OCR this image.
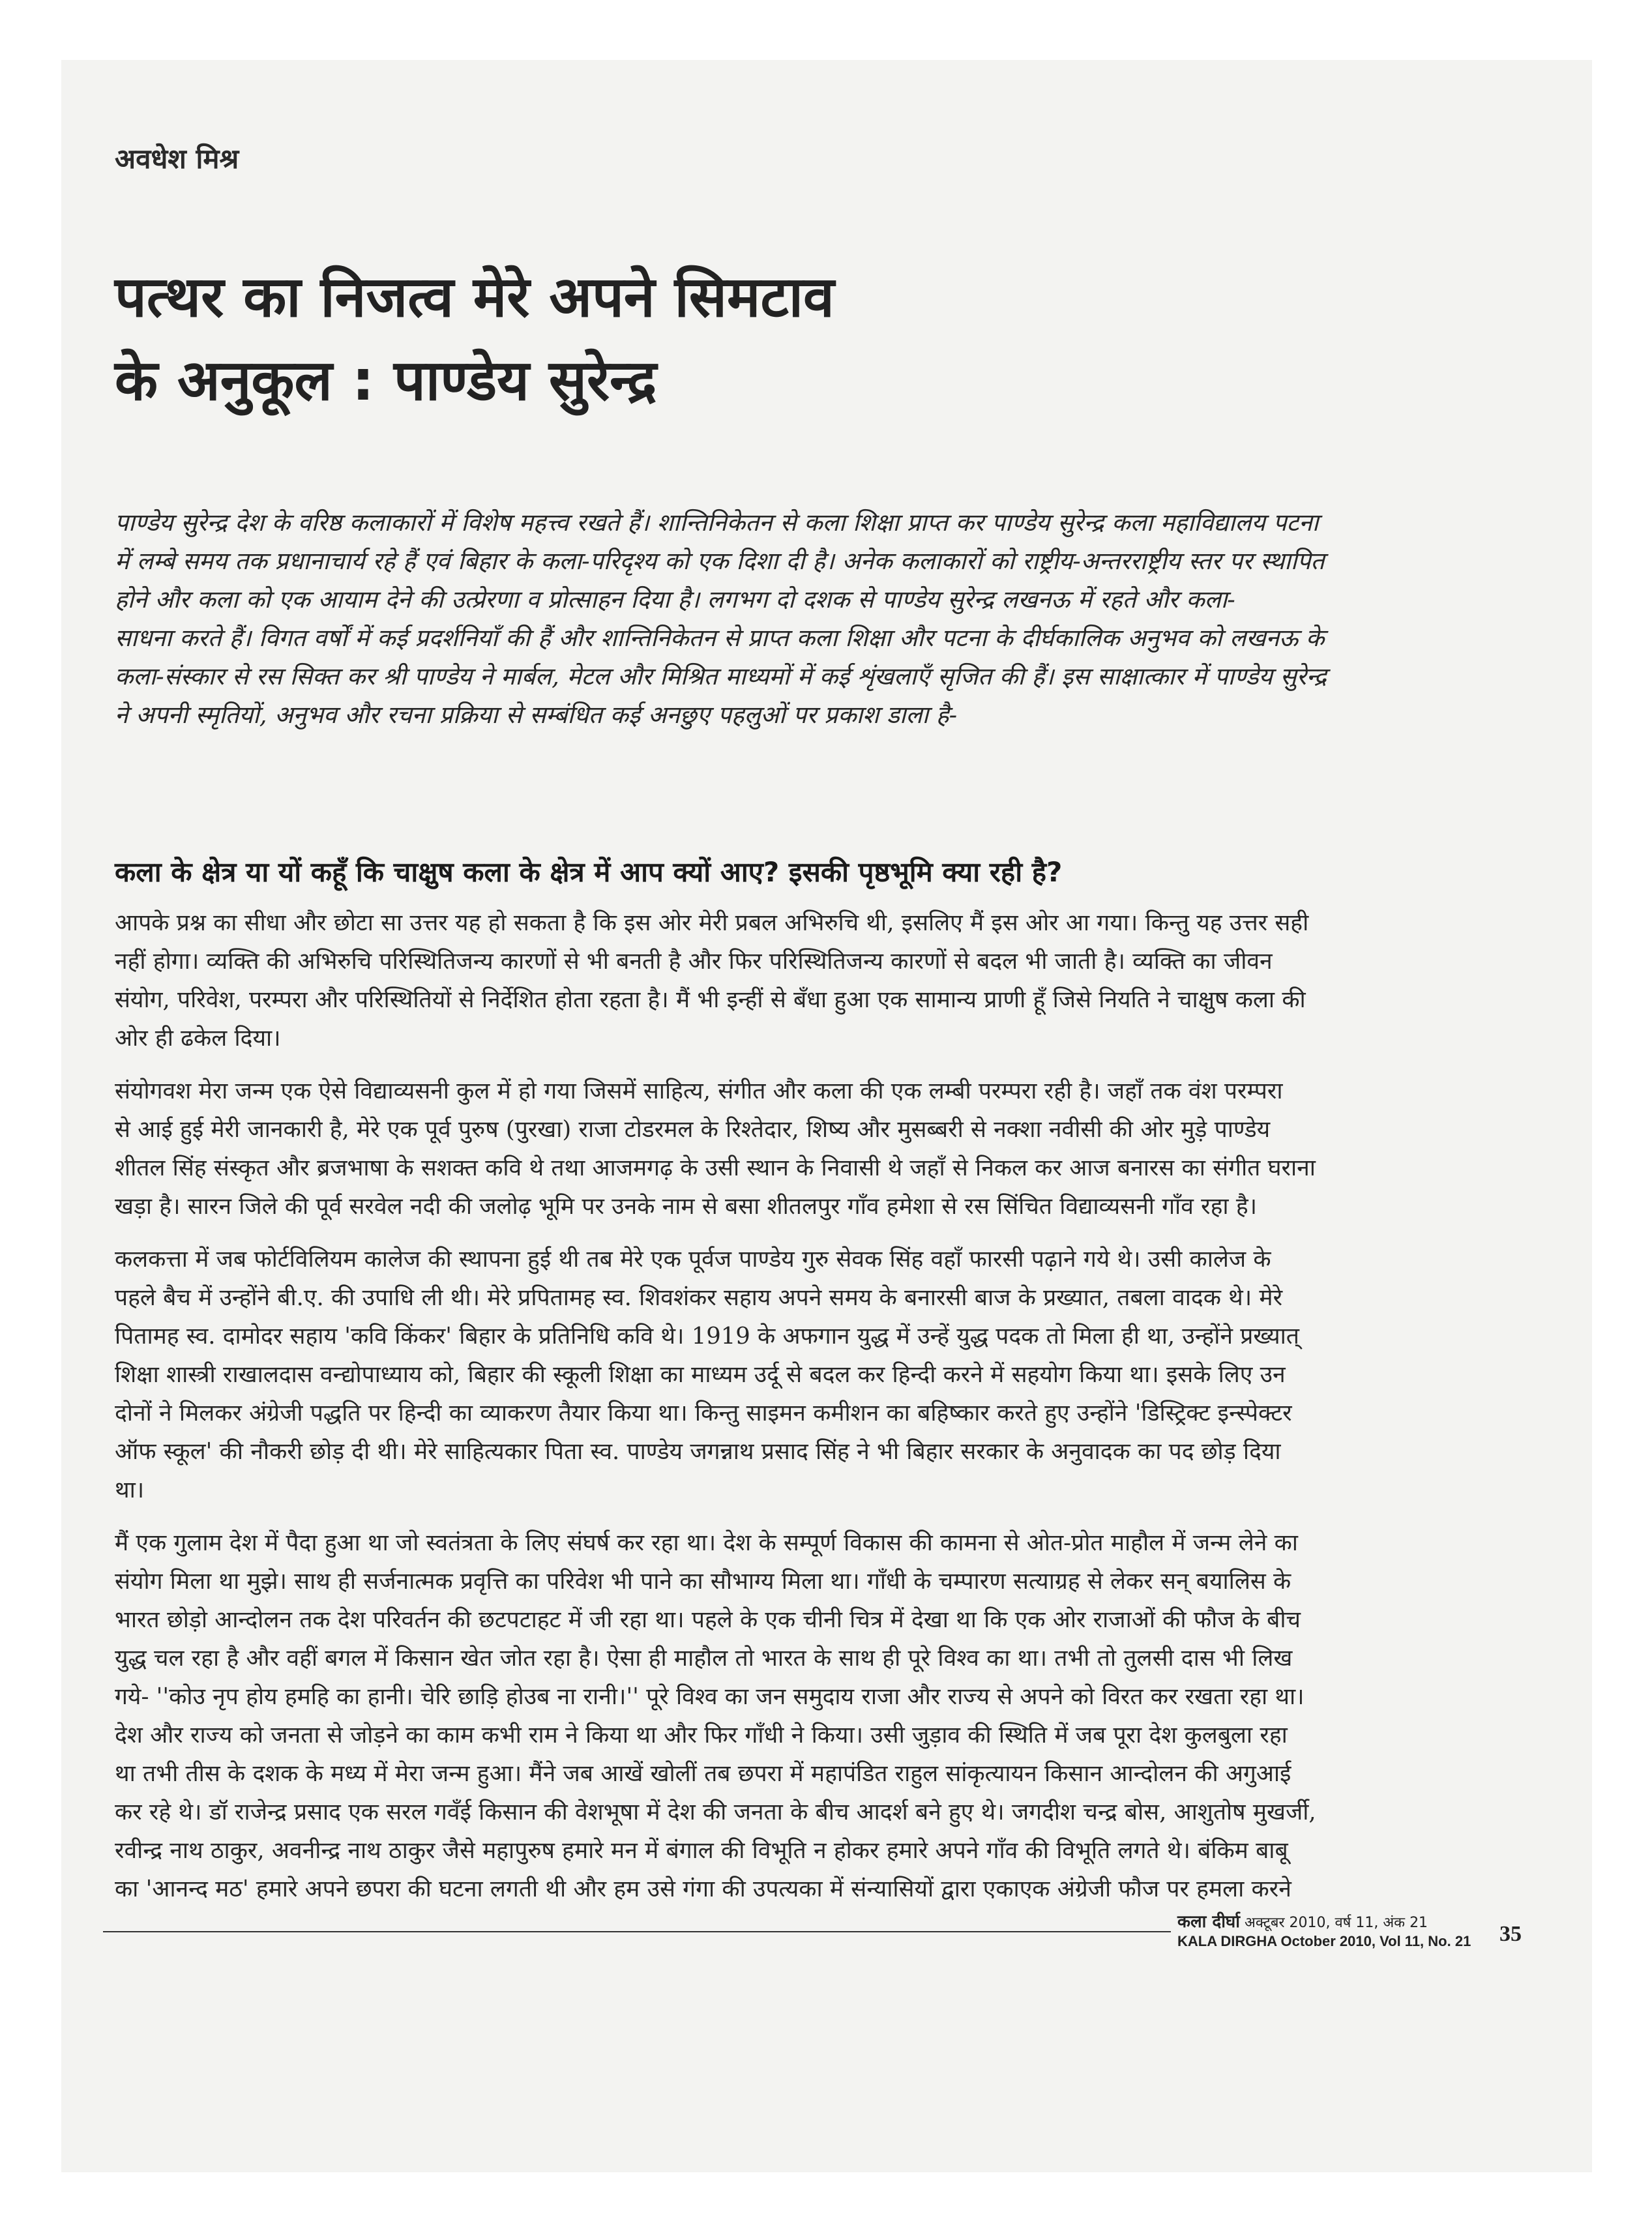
अवधेश मिश्र
पत्थर का निजत्व मेरे अपने सिमटाव
के अनुकूल : पाण्डेय सुरेन्द्र
पाण्डेय सुरेन्द्र देश के वरिष्ठ कलाकारों में विशेष महत्त्व रखते हैं। शान्तिनिकेतन से कला शिक्षा प्राप्त कर पाण्डेय सुरेन्द्र कला महाविद्यालय पटना
में लम्बे समय तक प्रधानाचार्य रहे हैं एवं बिहार के कला-परिदृश्य को एक दिशा दी है। अनेक कलाकारों को राष्ट्रीय-अन्तरराष्ट्रीय स्तर पर स्थापित
होने और कला को एक आयाम देने की उत्प्रेरणा व प्रोत्साहन दिया है। लगभग दो दशक से पाण्डेय सुरेन्द्र लखनऊ में रहते और कला-
साधना करते हैं। विगत वर्षों में कई प्रदर्शनियाँ की हैं और शान्तिनिकेतन से प्राप्त कला शिक्षा और पटना के दीर्घकालिक अनुभव को लखनऊ के
कला-संस्कार से रस सिक्त कर श्री पाण्डेय ने मार्बल, मेटल और मिश्रित माध्यमों में कई शृंखलाएँ सृजित की हैं। इस साक्षात्कार में पाण्डेय सुरेन्द्र
ने अपनी स्मृतियों, अनुभव और रचना प्रक्रिया से सम्बंधित कई अनछुए पहलुओं पर प्रकाश डाला है-
कला के क्षेत्र या यों कहूँ कि चाक्षुष कला के क्षेत्र में आप क्यों आए? इसकी पृष्ठभूमि क्या रही है?
आपके प्रश्न का सीधा और छोटा सा उत्तर यह हो सकता है कि इस ओर मेरी प्रबल अभिरुचि थी, इसलिए मैं इस ओर आ गया। किन्तु यह उत्तर सही
नहीं होगा। व्यक्ति की अभिरुचि परिस्थितिजन्य कारणों से भी बनती है और फिर परिस्थितिजन्य कारणों से बदल भी जाती है। व्यक्ति का जीवन
संयोग, परिवेश, परम्परा और परिस्थितियों से निर्देशित होता रहता है। मैं भी इन्हीं से बँधा हुआ एक सामान्य प्राणी हूँ जिसे नियति ने चाक्षुष कला की
ओर ही ढकेल दिया।
संयोगवश मेरा जन्म एक ऐसे विद्याव्यसनी कुल में हो गया जिसमें साहित्य, संगीत और कला की एक लम्बी परम्परा रही है। जहाँ तक वंश परम्परा
से आई हुई मेरी जानकारी है, मेरे एक पूर्व पुरुष (पुरखा) राजा टोडरमल के रिश्तेदार, शिष्य और मुसब्बरी से नक्शा नवीसी की ओर मुड़े पाण्डेय
शीतल सिंह संस्कृत और ब्रजभाषा के सशक्त कवि थे तथा आजमगढ़ के उसी स्थान के निवासी थे जहाँ से निकल कर आज बनारस का संगीत घराना
खड़ा है। सारन जिले की पूर्व सरवेल नदी की जलोढ़ भूमि पर उनके नाम से बसा शीतलपुर गाँव हमेशा से रस सिंचित विद्याव्यसनी गाँव रहा है।
कलकत्ता में जब फोर्टविलियम कालेज की स्थापना हुई थी तब मेरे एक पूर्वज पाण्डेय गुरु सेवक सिंह वहाँ फारसी पढ़ाने गये थे। उसी कालेज के
पहले बैच में उन्होंने बी.ए. की उपाधि ली थी। मेरे प्रपितामह स्व. शिवशंकर सहाय अपने समय के बनारसी बाज के प्रख्यात, तबला वादक थे। मेरे
पितामह स्व. दामोदर सहाय 'कवि किंकर' बिहार के प्रतिनिधि कवि थे। 1919 के अफगान युद्ध में उन्हें युद्ध पदक तो मिला ही था, उन्होंने प्रख्यात्
शिक्षा शास्त्री राखालदास वन्द्योपाध्याय को, बिहार की स्कूली शिक्षा का माध्यम उर्दू से बदल कर हिन्दी करने में सहयोग किया था। इसके लिए उन
दोनों ने मिलकर अंग्रेजी पद्धति पर हिन्दी का व्याकरण तैयार किया था। किन्तु साइमन कमीशन का बहिष्कार करते हुए उन्होंने 'डिस्ट्रिक्ट इन्स्पेक्टर
ऑफ स्कूल' की नौकरी छोड़ दी थी। मेरे साहित्यकार पिता स्व. पाण्डेय जगन्नाथ प्रसाद सिंह ने भी बिहार सरकार के अनुवादक का पद छोड़ दिया
था।
मैं एक गुलाम देश में पैदा हुआ था जो स्वतंत्रता के लिए संघर्ष कर रहा था। देश के सम्पूर्ण विकास की कामना से ओत-प्रोत माहौल में जन्म लेने का
संयोग मिला था मुझे। साथ ही सर्जनात्मक प्रवृत्ति का परिवेश भी पाने का सौभाग्य मिला था। गाँधी के चम्पारण सत्याग्रह से लेकर सन् बयालिस के
भारत छोड़ो आन्दोलन तक देश परिवर्तन की छटपटाहट में जी रहा था। पहले के एक चीनी चित्र में देखा था कि एक ओर राजाओं की फौज के बीच
युद्ध चल रहा है और वहीं बगल में किसान खेत जोत रहा है। ऐसा ही माहौल तो भारत के साथ ही पूरे विश्व का था। तभी तो तुलसी दास भी लिख
गये- ''कोउ नृप होय हमहि का हानी। चेरि छाड़ि होउब ना रानी।'' पूरे विश्व का जन समुदाय राजा और राज्य से अपने को विरत कर रखता रहा था।
देश और राज्य को जनता से जोड़ने का काम कभी राम ने किया था और फिर गाँधी ने किया। उसी जुड़ाव की स्थिति में जब पूरा देश कुलबुला रहा
था तभी तीस के दशक के मध्य में मेरा जन्म हुआ। मैंने जब आखें खोलीं तब छपरा में महापंडित राहुल सांकृत्यायन किसान आन्दोलन की अगुआई
कर रहे थे। डॉ राजेन्द्र प्रसाद एक सरल गवँई किसान की वेशभूषा में देश की जनता के बीच आदर्श बने हुए थे। जगदीश चन्द्र बोस, आशुतोष मुखर्जी,
रवीन्द्र नाथ ठाकुर, अवनीन्द्र नाथ ठाकुर जैसे महापुरुष हमारे मन में बंगाल की विभूति न होकर हमारे अपने गाँव की विभूति लगते थे। बंकिम बाबू
का 'आनन्द मठ' हमारे अपने छपरा की घटना लगती थी और हम उसे गंगा की उपत्यका में संन्यासियों द्वारा एकाएक अंग्रेजी फौज पर हमला करने
कला दीर्घा अक्टूबर 2010, वर्ष 11, अंक 21
KALA DIRGHA October 2010, Vol 11, No. 21	35
